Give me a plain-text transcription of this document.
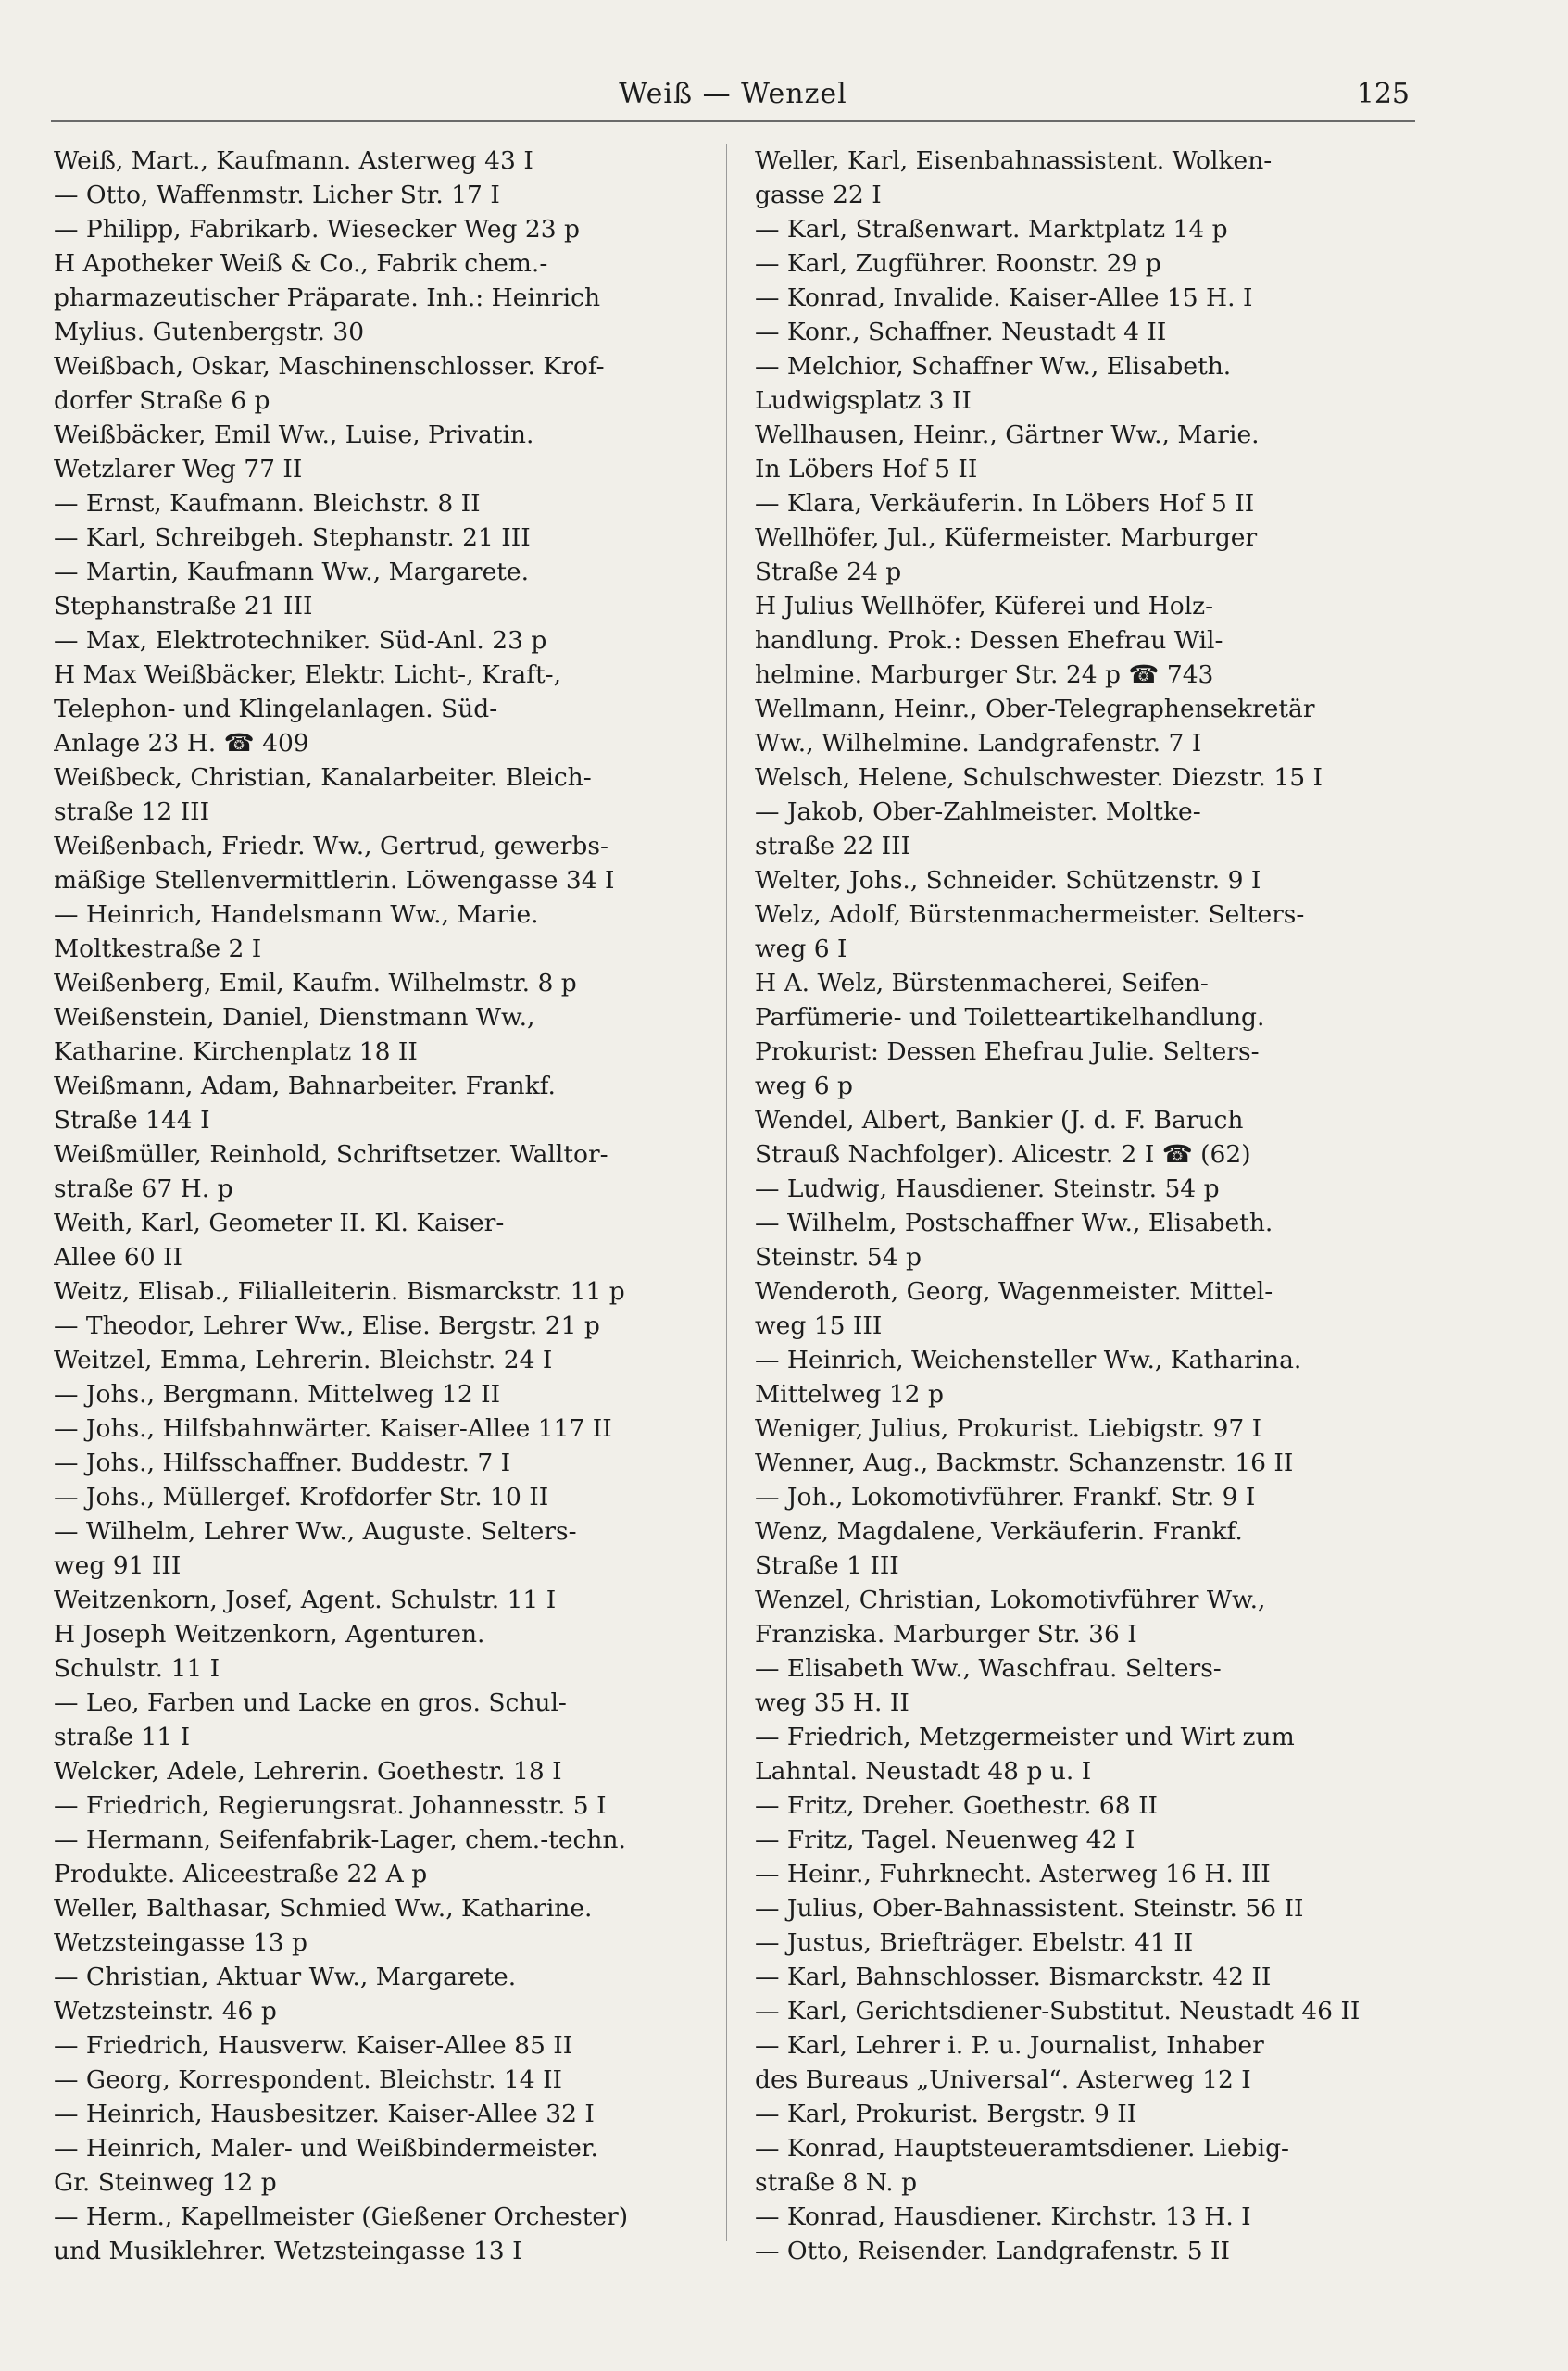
Weiß — Wenzel	125
Weiß, Mart., Kaufmann. Asterweg 43 I
— Otto, Waffenmstr. Licher Str. 17 I
— Philipp, Fabrikarb. Wiesecker Weg 23 p
H Apotheker Weiß & Co., Fabrik chem.-
pharmazeutischer Präparate. Inh.: Heinrich
Mylius. Gutenbergstr. 30
Weißbach, Oskar, Maschinenschlosser. Krof-
dorfer Straße 6 p
Weißbäcker, Emil Ww., Luise, Privatin.
Wetzlarer Weg 77 II
— Ernst, Kaufmann. Bleichstr. 8 II
— Karl, Schreibgeh. Stephanstr. 21 III
— Martin, Kaufmann Ww., Margarete.
Stephanstraße 21 III
— Max, Elektrotechniker. Süd-Anl. 23 p
H Max Weißbäcker, Elektr. Licht-, Kraft-,
Telephon- und Klingelanlagen. Süd-
Anlage 23 H. ☎ 409
Weißbeck, Christian, Kanalarbeiter. Bleich-
straße 12 III
Weißenbach, Friedr. Ww., Gertrud, gewerbs-
mäßige Stellenvermittlerin. Löwengasse 34 I
— Heinrich, Handelsmann Ww., Marie.
Moltkestraße 2 I
Weißenberg, Emil, Kaufm. Wilhelmstr. 8 p
Weißenstein, Daniel, Dienstmann Ww.,
Katharine. Kirchenplatz 18 II
Weißmann, Adam, Bahnarbeiter. Frankf.
Straße 144 I
Weißmüller, Reinhold, Schriftsetzer. Walltor-
straße 67 H. p
Weith, Karl, Geometer II. Kl. Kaiser-
Allee 60 II
Weitz, Elisab., Filialleiterin. Bismarckstr. 11 p
— Theodor, Lehrer Ww., Elise. Bergstr. 21 p
Weitzel, Emma, Lehrerin. Bleichstr. 24 I
— Johs., Bergmann. Mittelweg 12 II
— Johs., Hilfsbahnwärter. Kaiser-Allee 117 II
— Johs., Hilfsschaffner. Buddestr. 7 I
— Johs., Müllergef. Krofdorfer Str. 10 II
— Wilhelm, Lehrer Ww., Auguste. Selters-
weg 91 III
Weitzenkorn, Josef, Agent. Schulstr. 11 I
H Joseph Weitzenkorn, Agenturen.
Schulstr. 11 I
— Leo, Farben und Lacke en gros. Schul-
straße 11 I
Welcker, Adele, Lehrerin. Goethestr. 18 I
— Friedrich, Regierungsrat. Johannesstr. 5 I
— Hermann, Seifenfabrik-Lager, chem.-techn.
Produkte. Aliceestraße 22 A p
Weller, Balthasar, Schmied Ww., Katharine.
Wetzsteingasse 13 p
— Christian, Aktuar Ww., Margarete.
Wetzsteinstr. 46 p
— Friedrich, Hausverw. Kaiser-Allee 85 II
— Georg, Korrespondent. Bleichstr. 14 II
— Heinrich, Hausbesitzer. Kaiser-Allee 32 I
— Heinrich, Maler- und Weißbindermeister.
Gr. Steinweg 12 p
— Herm., Kapellmeister (Gießener Orchester)
und Musiklehrer. Wetzsteingasse 13 I
Weller, Karl, Eisenbahnassistent. Wolken-
gasse 22 I
— Karl, Straßenwart. Marktplatz 14 p
— Karl, Zugführer. Roonstr. 29 p
— Konrad, Invalide. Kaiser-Allee 15 H. I
— Konr., Schaffner. Neustadt 4 II
— Melchior, Schaffner Ww., Elisabeth.
Ludwigsplatz 3 II
Wellhausen, Heinr., Gärtner Ww., Marie.
In Löbers Hof 5 II
— Klara, Verkäuferin. In Löbers Hof 5 II
Wellhöfer, Jul., Küfermeister. Marburger
Straße 24 p
H Julius Wellhöfer, Küferei und Holz-
handlung. Prok.: Dessen Ehefrau Wil-
helmine. Marburger Str. 24 p ☎ 743
Wellmann, Heinr., Ober-Telegraphensekretär
Ww., Wilhelmine. Landgrafenstr. 7 I
Welsch, Helene, Schulschwester. Diezstr. 15 I
— Jakob, Ober-Zahlmeister. Moltke-
straße 22 III
Welter, Johs., Schneider. Schützenstr. 9 I
Welz, Adolf, Bürstenmachermeister. Selters-
weg 6 I
H A. Welz, Bürstenmacherei, Seifen-
Parfümerie- und Toiletteartikelhandlung.
Prokurist: Dessen Ehefrau Julie. Selters-
weg 6 p
Wendel, Albert, Bankier (J. d. F. Baruch
Strauß Nachfolger). Alicestr. 2 I ☎ (62)
— Ludwig, Hausdiener. Steinstr. 54 p
— Wilhelm, Postschaffner Ww., Elisabeth.
Steinstr. 54 p
Wenderoth, Georg, Wagenmeister. Mittel-
weg 15 III
— Heinrich, Weichensteller Ww., Katharina.
Mittelweg 12 p
Weniger, Julius, Prokurist. Liebigstr. 97 I
Wenner, Aug., Backmstr. Schanzenstr. 16 II
— Joh., Lokomotivführer. Frankf. Str. 9 I
Wenz, Magdalene, Verkäuferin. Frankf.
Straße 1 III
Wenzel, Christian, Lokomotivführer Ww.,
Franziska. Marburger Str. 36 I
— Elisabeth Ww., Waschfrau. Selters-
weg 35 H. II
— Friedrich, Metzgermeister und Wirt zum
Lahntal. Neustadt 48 p u. I
— Fritz, Dreher. Goethestr. 68 II
— Fritz, Tagel. Neuenweg 42 I
— Heinr., Fuhrknecht. Asterweg 16 H. III
— Julius, Ober-Bahnassistent. Steinstr. 56 II
— Justus, Briefträger. Ebelstr. 41 II
— Karl, Bahnschlosser. Bismarckstr. 42 II
— Karl, Gerichtsdiener-Substitut. Neustadt 46 II
— Karl, Lehrer i. P. u. Journalist, Inhaber
des Bureaus „Universal“. Asterweg 12 I
— Karl, Prokurist. Bergstr. 9 II
— Konrad, Hauptsteueramtsdiener. Liebig-
straße 8 N. p
— Konrad, Hausdiener. Kirchstr. 13 H. I
— Otto, Reisender. Landgrafenstr. 5 II
